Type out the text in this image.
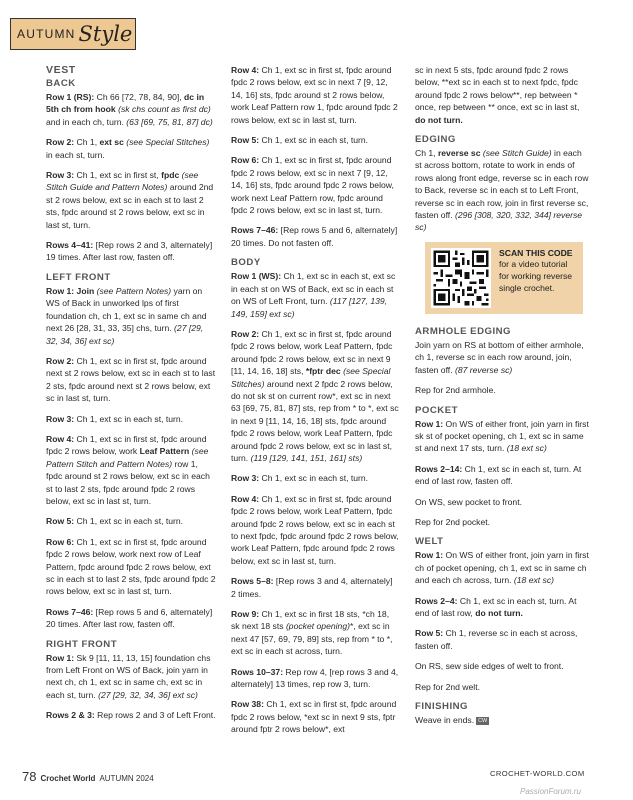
AUTUMN Style
VEST
BACK

Row 1 (RS): Ch 66 [72, 78, 84, 90], dc in 5th ch from hook (sk chs count as first dc) and in each ch, turn. (63 [69, 75, 81, 87] dc)

Row 2: Ch 1, ext sc (see Special Stitches) in each st, turn.

Row 3: Ch 1, ext sc in first st, fpdc (see Stitch Guide and Pattern Notes) around 2nd st 2 rows below, ext sc in each st to last 2 sts, fpdc around st 2 rows below, ext sc in last st, turn.

Rows 4–41: [Rep rows 2 and 3, alternately] 19 times. After last row, fasten off.

LEFT FRONT

Row 1: Join (see Pattern Notes) yarn on WS of Back in unworked lps of first foundation ch, ch 1, ext sc in same ch and next 26 [28, 31, 33, 35] chs, turn. (27 [29, 32, 34, 36] ext sc)

Row 2: Ch 1, ext sc in first st, fpdc around next st 2 rows below, ext sc in each st to last 2 sts, fpdc around next st 2 rows below, ext sc in last st, turn.

Row 3: Ch 1, ext sc in each st, turn.

Row 4: Ch 1, ext sc in first st, fpdc around fpdc 2 rows below, work Leaf Pattern (see Pattern Stitch and Pattern Notes) row 1, fpdc around st 2 rows below, ext sc in each st to last 2 sts, fpdc around fpdc 2 rows below, ext sc in last st, turn.

Row 5: Ch 1, ext sc in each st, turn.

Row 6: Ch 1, ext sc in first st, fpdc around fpdc 2 rows below, work next row of Leaf Pattern, fpdc around fpdc 2 rows below, ext sc in each st to last 2 sts, fpdc around fpdc 2 rows below, ext sc in last st, turn.

Rows 7–46: [Rep rows 5 and 6, alternately] 20 times. After last row, fasten off.

RIGHT FRONT

Row 1: Sk 9 [11, 11, 13, 15] foundation chs from Left Front on WS of Back, join yarn in next ch, ch 1, ext sc in same ch, ext sc in each st, turn. (27 [29, 32, 34, 36] ext sc)

Rows 2 & 3: Rep rows 2 and 3 of Left Front.

Row 4: Ch 1, ext sc in first st, fpdc around fpdc 2 rows below, ext sc in next 7 [9, 12, 14, 16] sts, fpdc around st 2 rows below, work Leaf Pattern row 1, fpdc around fpdc 2 rows below, ext sc in last st, turn.

Row 5: Ch 1, ext sc in each st, turn.

Row 6: Ch 1, ext sc in first st, fpdc around fpdc 2 rows below, ext sc in next 7 [9, 12, 14, 16] sts, fpdc around fpdc 2 rows below, work next Leaf Pattern row, fpdc around fpdc 2 rows below, ext sc in last st, turn.

Rows 7–46: [Rep rows 5 and 6, alternately] 20 times. Do not fasten off.

BODY

Row 1 (WS): Ch 1, ext sc in each st, ext sc in each st on WS of Back, ext sc in each st on WS of Left Front, turn. (117 [127, 139, 149, 159] ext sc)

Row 2: Ch 1, ext sc in first st, fpdc around fpdc 2 rows below, work Leaf Pattern, fpdc around fpdc 2 rows below, ext sc in next 9 [11, 14, 16, 18] sts, *fptr dec (see Special Stitches) around next 2 fpdc 2 rows below, do not sk st on current row*, ext sc in next 63 [69, 75, 81, 87] sts, rep from * to *, ext sc in next 9 [11, 14, 16, 18] sts, fpdc around fpdc 2 rows below, work Leaf Pattern, fpdc around fpdc 2 rows below, ext sc in last st, turn. (119 [129, 141, 151, 161] sts)

Row 3: Ch 1, ext sc in each st, turn.

Row 4: Ch 1, ext sc in first st, fpdc around fpdc 2 rows below, work Leaf Pattern, fpdc around fpdc 2 rows below, ext sc in each st to next fpdc, fpdc around fpdc 2 rows below, work Leaf Pattern, fpdc around fpdc 2 rows below, ext sc in last st, turn.

Rows 5–8: [Rep rows 3 and 4, alternately] 2 times.

Row 9: Ch 1, ext sc in first 18 sts, *ch 18, sk next 18 sts (pocket opening)*, ext sc in next 47 [57, 69, 79, 89] sts, rep from * to *, ext sc in each st across, turn.

Rows 10–37: Rep row 4, [rep rows 3 and 4, alternately] 13 times, rep row 3, turn.

Row 38: Ch 1, ext sc in first st, fpdc around fpdc 2 rows below, *ext sc in next 9 sts, fptr around fptr 2 rows below*, ext

sc in next 5 sts, fpdc around fpdc 2 rows below, **ext sc in each st to next fpdc, fpdc around fpdc 2 rows below**, rep between * once, rep between ** once, ext sc in last st, do not turn.

EDGING

Ch 1, reverse sc (see Stitch Guide) in each st across bottom, rotate to work in ends of rows along front edge, reverse sc in each row to Back, reverse sc in each st to Left Front, reverse sc in each row, join in first reverse sc, fasten off. (296 [308, 320, 332, 344] reverse sc)

SCAN THIS CODE for a video tutorial for working reverse single crochet.
ARMHOLE EDGING

Join yarn on RS at bottom of either armhole, ch 1, reverse sc in each row around, join, fasten off. (87 reverse sc)

Rep for 2nd armhole.

POCKET

Row 1: On WS of either front, join yarn in first sk st of pocket opening, ch 1, ext sc in same st and next 17 sts, turn. (18 ext sc)

Rows 2–14: Ch 1, ext sc in each st, turn. At end of last row, fasten off.

On WS, sew pocket to front.

Rep for 2nd pocket.

WELT

Row 1: On WS of either front, join yarn in first ch of pocket opening, ch 1, ext sc in same ch and each ch across, turn. (18 ext sc)

Rows 2–4: Ch 1, ext sc in each st, turn. At end of last row, do not turn.

Row 5: Ch 1, reverse sc in each st across, fasten off.

On RS, sew side edges of welt to front.

Rep for 2nd welt.

FINISHING

Weave in ends. CW

78 Crochet World AUTUMN 2024
CROCHET-WORLD.COM
PassionForum.ru
